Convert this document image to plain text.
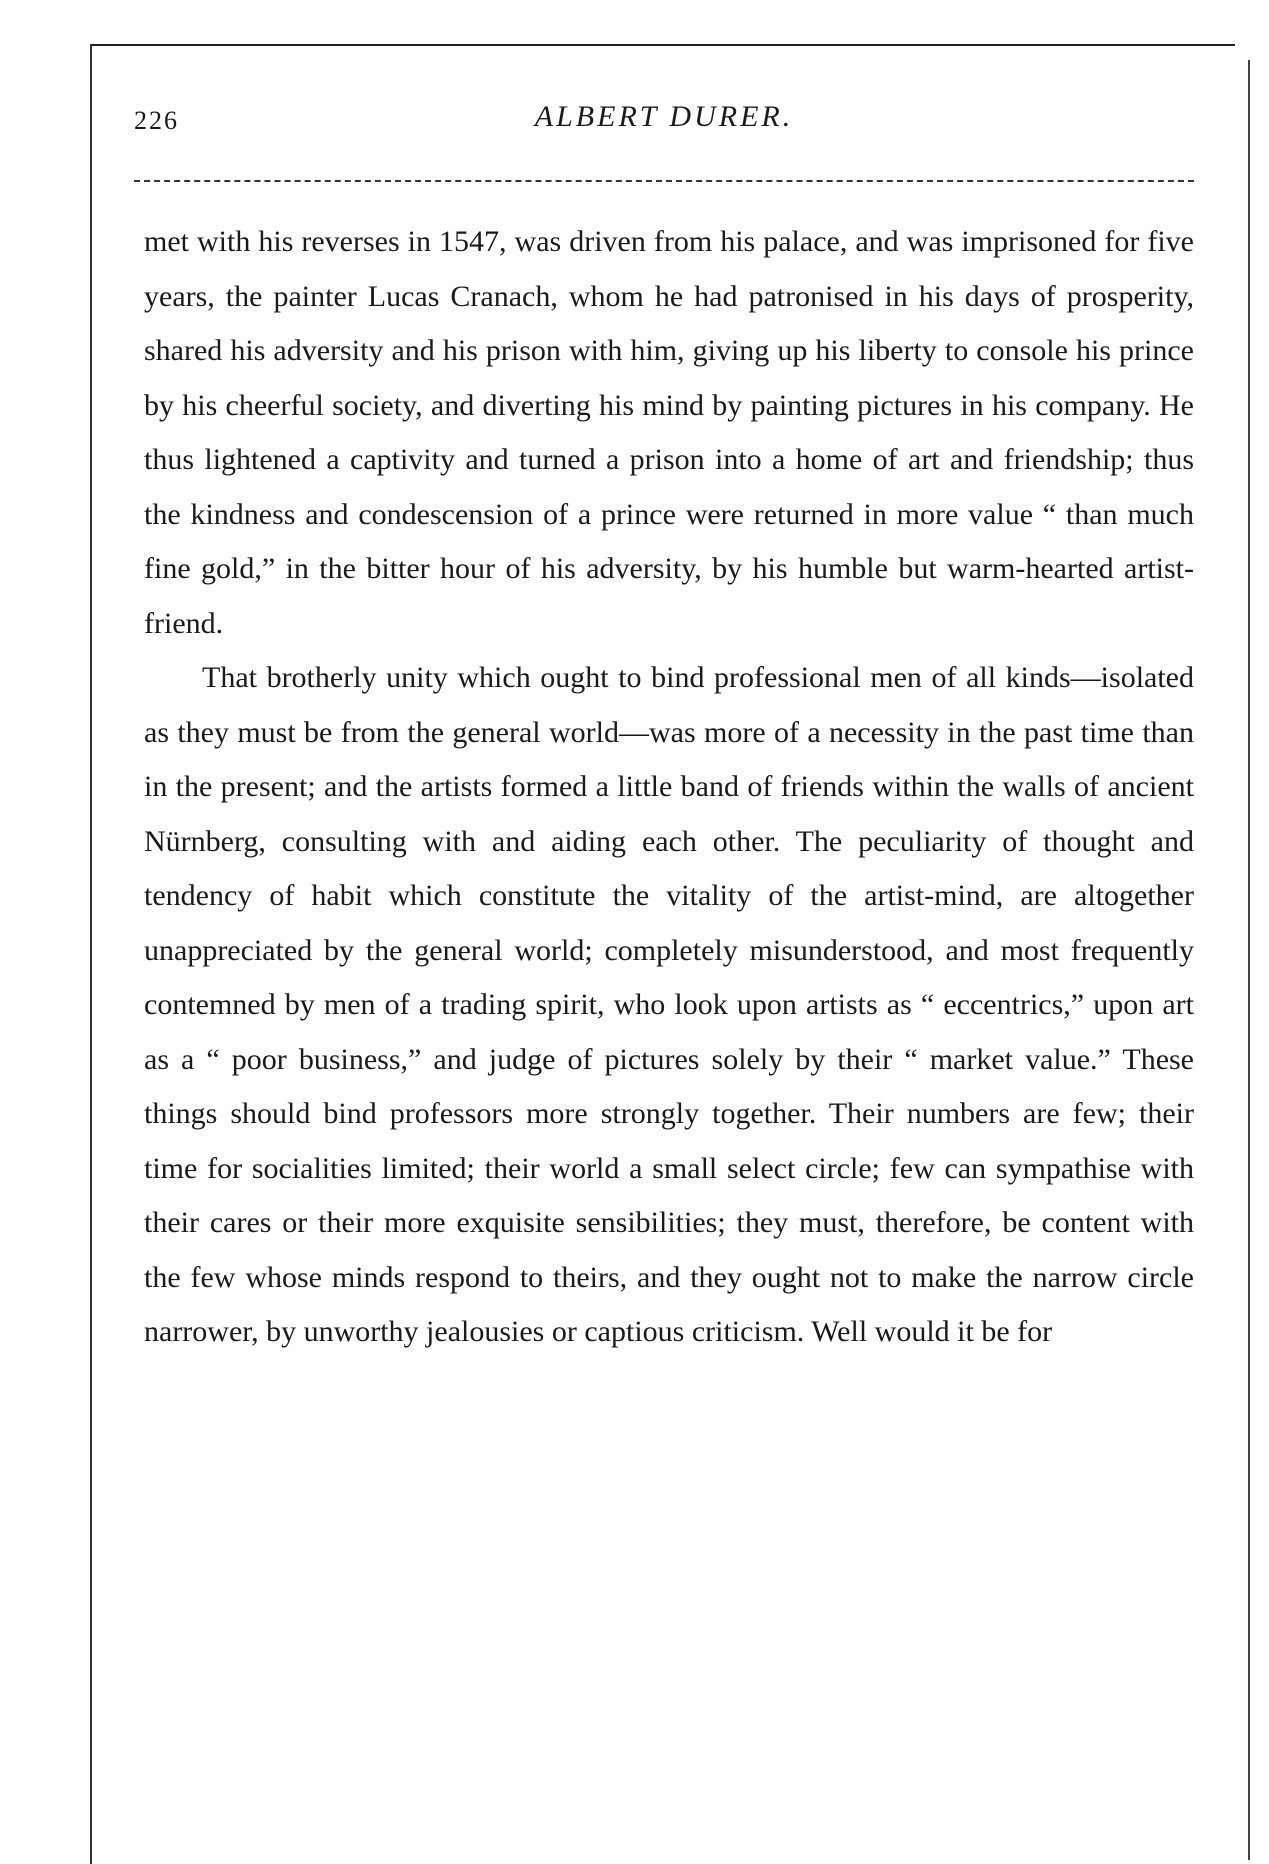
226	ALBERT DURER.

met with his reverses in 1547, was driven from his palace, and was imprisoned for five years, the painter Lucas Cranach, whom he had patronised in his days of prosperity, shared his adversity and his prison with him, giving up his liberty to console his prince by his cheerful society, and diverting his mind by painting pictures in his company. He thus lightened a captivity and turned a prison into a home of art and friendship; thus the kindness and condescension of a prince were returned in more value “ than much fine gold,” in the bitter hour of his adversity, by his humble but warm-hearted artist-friend.

That brotherly unity which ought to bind professional men of all kinds—isolated as they must be from the general world—was more of a necessity in the past time than in the present; and the artists formed a little band of friends within the walls of ancient Nürnberg, consulting with and aiding each other. The peculiarity of thought and tendency of habit which constitute the vitality of the artist-mind, are altogether unappreciated by the general world; completely misunderstood, and most frequently contemned by men of a trading spirit, who look upon artists as “ eccentrics,” upon art as a “ poor business,” and judge of pictures solely by their “ market value.” These things should bind professors more strongly together. Their numbers are few; their time for socialities limited; their world a small select circle; few can sympathise with their cares or their more exquisite sensibilities; they must, therefore, be content with the few whose minds respond to theirs, and they ought not to make the narrow circle narrower, by unworthy jealousies or captious criticism. Well would it be for
